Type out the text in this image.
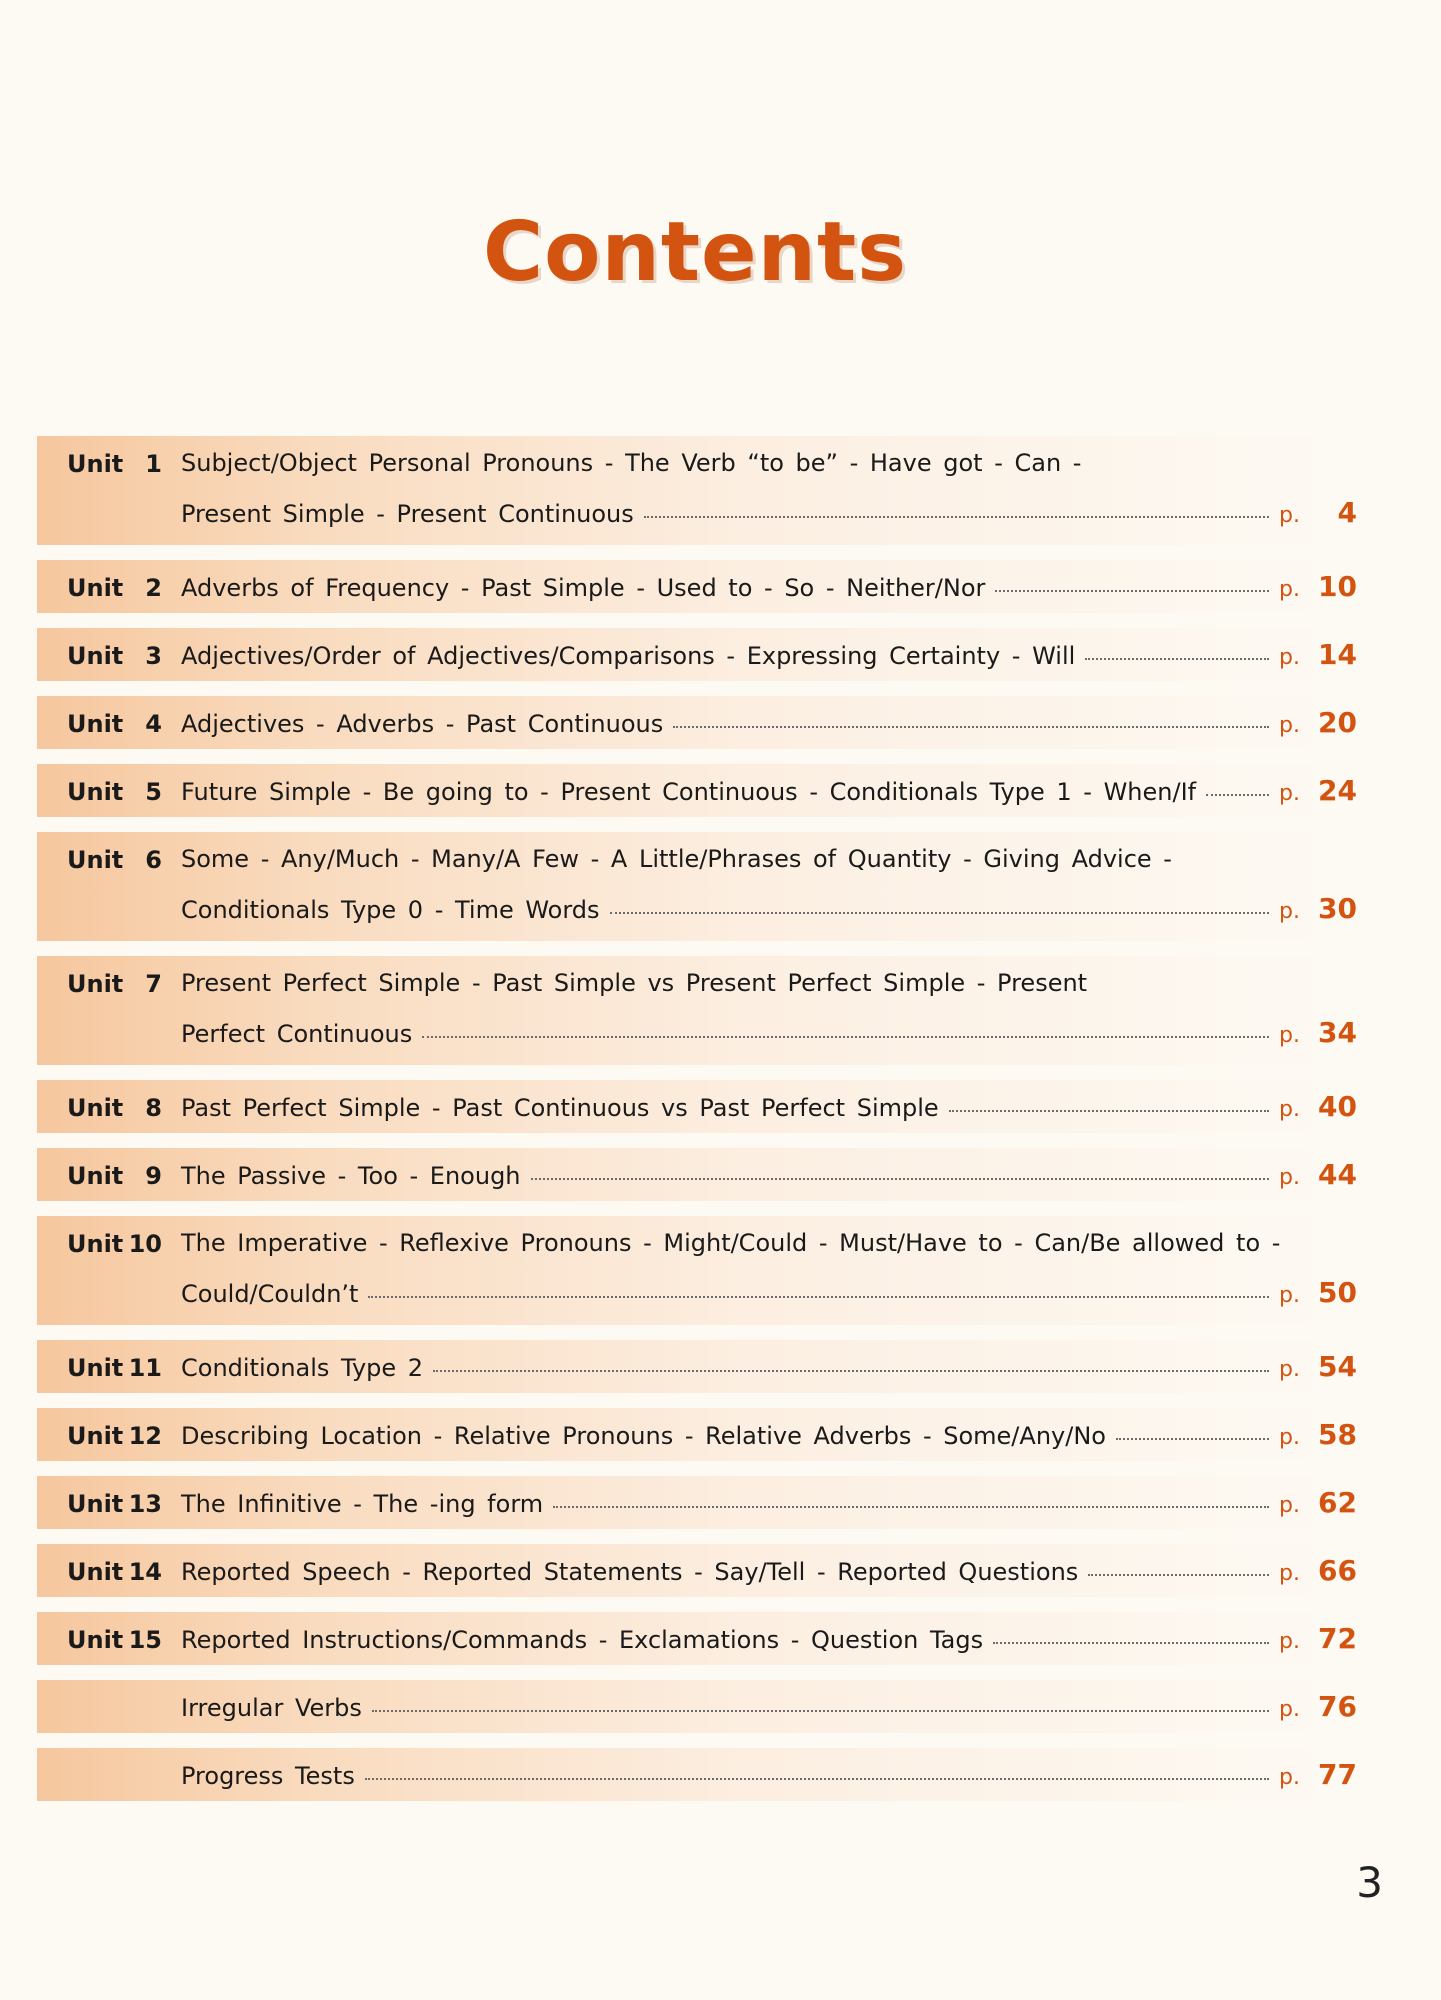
Contents
Unit 1 Subject/Object Personal Pronouns - The Verb “to be” - Have got - Can -
Present Simple - Present Continuous	p.	4
Unit 2 Adverbs of Frequency - Past Simple - Used to - So - Neither/Nor	p. 10
Unit 3 Adjectives/Order of Adjectives/Comparisons - Expressing Certainty - Will	p. 14
Unit 4 Adjectives - Adverbs - Past Continuous	p. 20
Unit 5 Future Simple - Be going to - Present Continuous - Conditionals Type 1 - When/If	p. 24
Unit 6 Some - Any/Much - Many/A Few - A Little/Phrases of Quantity - Giving Advice -
Conditionals Type 0 - Time Words	p. 30
Unit 7 Present Perfect Simple - Past Simple vs Present Perfect Simple - Present
Perfect Continuous	p. 34
Unit 8 Past Perfect Simple - Past Continuous vs Past Perfect Simple	p. 40
Unit 9 The Passive - Too - Enough	p. 44
Unit 10 The Imperative - Reflexive Pronouns - Might/Could - Must/Have to - Can/Be allowed to -
Could/Couldn’t	p. 50
Unit 11 Conditionals Type 2	p. 54
Unit 12 Describing Location - Relative Pronouns - Relative Adverbs - Some/Any/No	p. 58
Unit 13 The Infinitive - The -ing form	p. 62
Unit 14 Reported Speech - Reported Statements - Say/Tell - Reported Questions	p. 66
Unit 15 Reported Instructions/Commands - Exclamations - Question Tags	p. 72
Irregular Verbs	p. 76
Progress Tests	p. 77
3
